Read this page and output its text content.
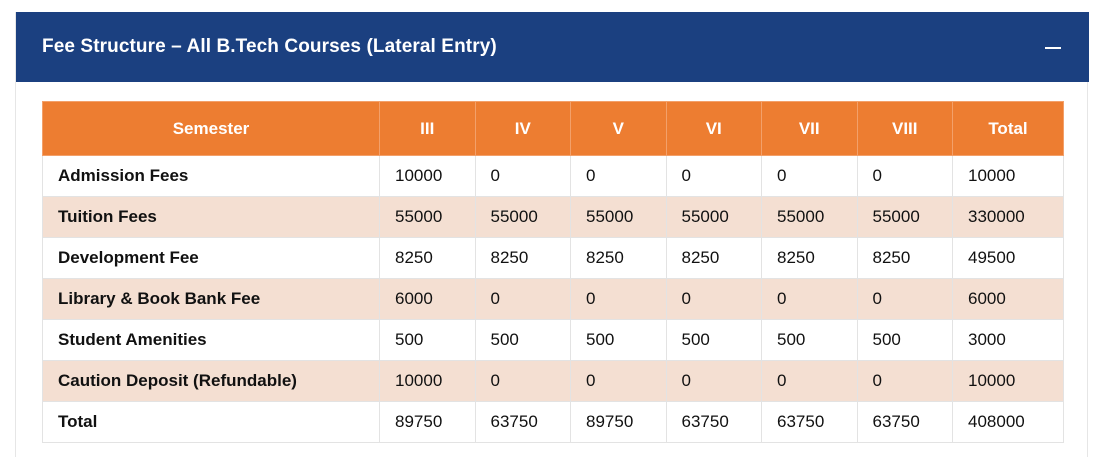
Fee Structure – All B.Tech Courses (Lateral Entry)
Semester	III	IV	V	VI	VII	VIII	Total
Admission Fees	10000	0	0	0	0	0	10000
Tuition Fees	55000	55000	55000	55000	55000	55000	330000
Development Fee	8250	8250	8250	8250	8250	8250	49500
Library & Book Bank Fee	6000	0	0	0	0	0	6000
Student Amenities	500	500	500	500	500	500	3000
Caution Deposit (Refundable)	10000	0	0	0	0	0	10000
Total	89750	63750	89750	63750	63750	63750	408000
